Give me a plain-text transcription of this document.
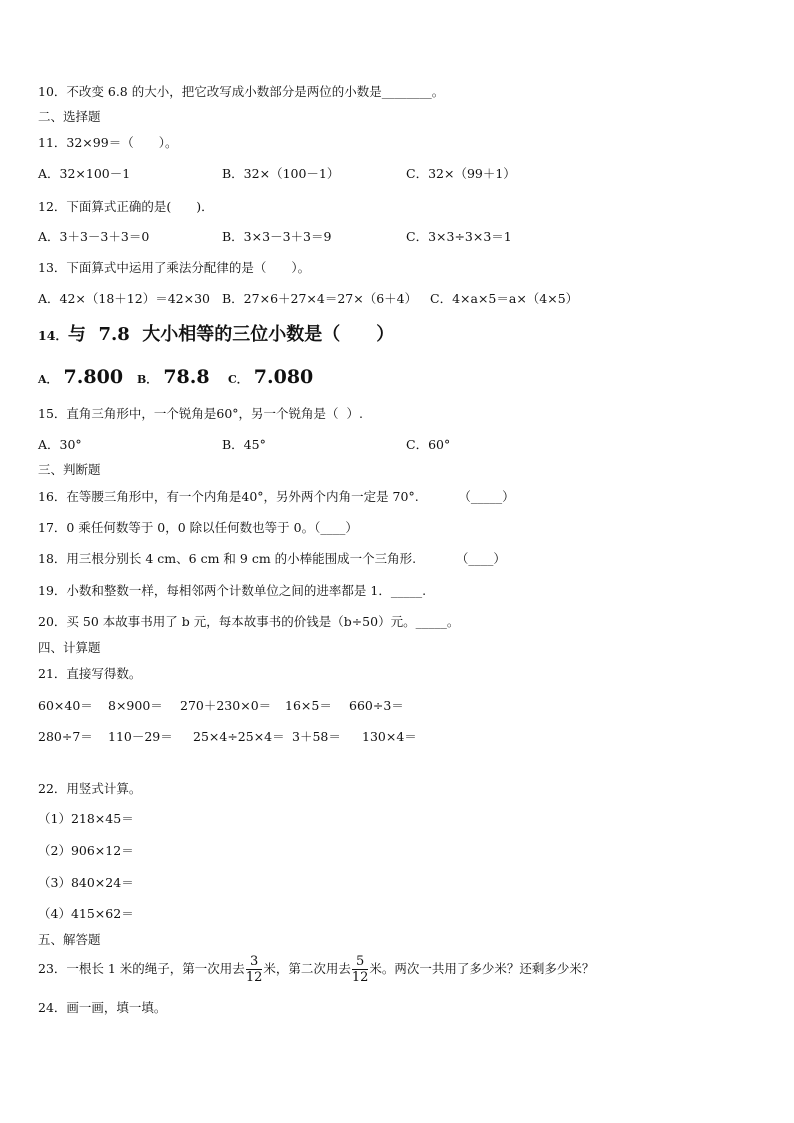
10．不改变 6.8 的大小，把它改写成小数部分是两位的小数是________。
二、选择题
11．32×99＝（　　）。
A．32×100－1	B．32×（100－1）	C．32×（99＋1）
12．下面算式正确的是(　　)．
A．3＋3－3＋3＝0	B．3×3－3＋3＝9	C．3×3÷3×3＝1
13．下面算式中运用了乘法分配律的是（　　）。
A．42×（18＋12）＝42×30 B．27×6＋27×4＝27×（6＋4） C．4×a×5＝a×（4×5）
14．与  7.8  大小相等的三位小数是（　　）
A． 7.800 B． 78.8 C． 7.080
15．直角三角形中，一个锐角是60°，另一个锐角是（  ）.
A．30°	B．45°	C．60°
三、判断题
16．在等腰三角形中，有一个内角是40°，另外两个内角一定是 70°.          （_____）
17．0 乘任何数等于 0，0 除以任何数也等于 0。（____）
18．用三根分别长 4 cm、6 cm 和 9 cm 的小棒能围成一个三角形.          （____）
19．小数和整数一样，每相邻两个计数单位之间的进率都是 1．_____.
20．买 50 本故事书用了 b 元，每本故事书的价钱是（b÷50）元。_____。
四、计算题
21．直接写得数。
60×40＝ 8×900＝ 270＋230×0＝ 16×5＝ 660÷3＝
280÷7＝ 110－29＝ 25×4÷25×4＝ 3＋58＝ 130×4＝
22．用竖式计算。
（1）218×45＝
（2）906×12＝
（3）840×24＝
（4）415×62＝
五、解答题
23．一根长 1 米的绳子，第一次用去 $\frac{3}{12}$ 米，第二次用去 $\frac{5}{12}$ 米。两次一共用了多少米？还剩多少米？
24．画一画，填一填。
